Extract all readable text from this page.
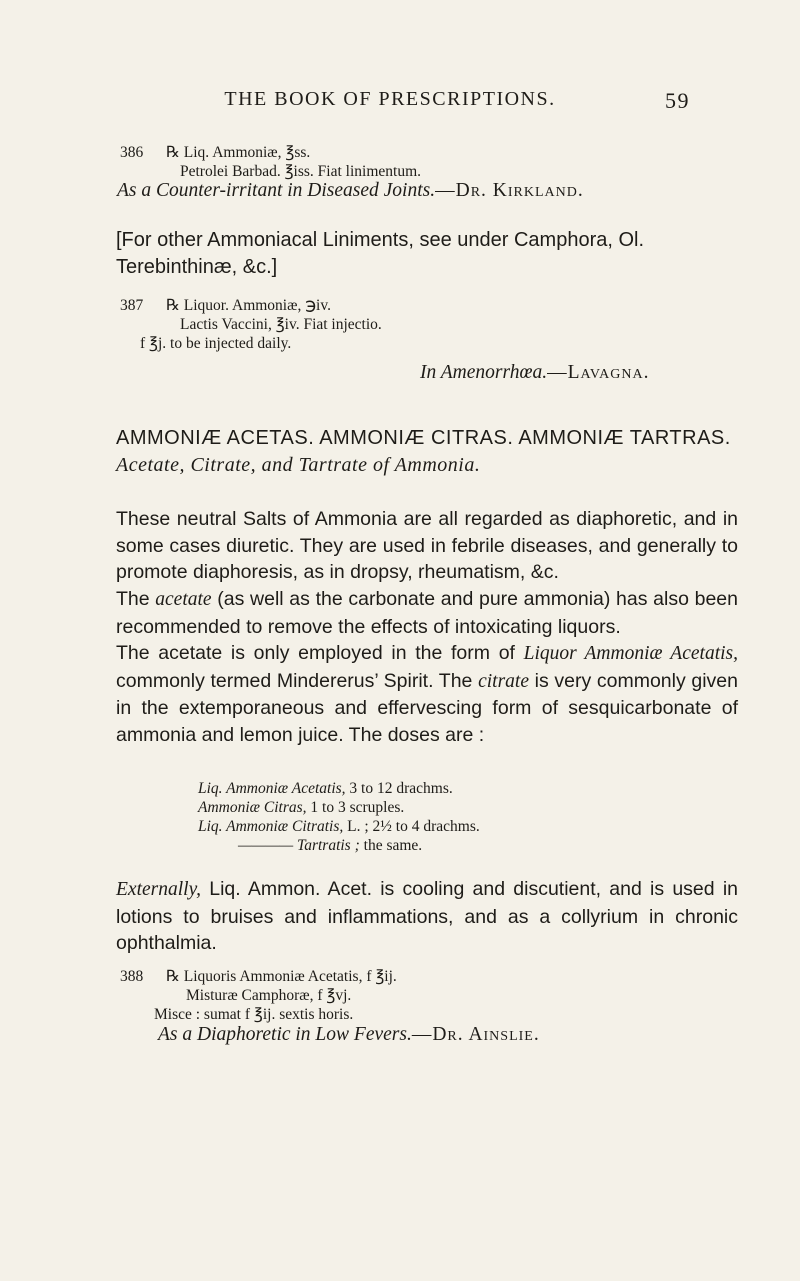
THE BOOK OF PRESCRIPTIONS.	59
386 ℞ Liq. Ammoniæ, ℥ss.
Petrolei Barbad. ℥iss. Fiat linimentum.
As a Counter-irritant in Diseased Joints.—Dr. Kirkland.
[For other Ammoniacal Liniments, see under Camphora, Ol. Terebinthinæ, &c.]
387 ℞ Liquor. Ammoniæ, ℈iv.
Lactis Vaccini, ℥iv. Fiat injectio.
f ℥j. to be injected daily.
In Amenorrhœa.—Lavagna.
AMMONIÆ ACETAS. AMMONIÆ CITRAS. AMMONIÆ TARTRAS. Acetate, Citrate, and Tartrate of Ammonia.
These neutral Salts of Ammonia are all regarded as diaphoretic, and in some cases diuretic. They are used in febrile diseases, and generally to promote diaphoresis, as in dropsy, rheumatism, &c.
The acetate (as well as the carbonate and pure ammonia) has also been recommended to remove the effects of intoxicating liquors.
The acetate is only employed in the form of Liquor Ammoniæ Acetatis, commonly termed Mindererus’ Spirit. The citrate is very commonly given in the extemporaneous and effervescing form of sesquicarbonate of ammonia and lemon juice. The doses are :
Liq. Ammoniæ Acetatis, 3 to 12 drachms.
Ammoniæ Citras, 1 to 3 scruples.
Liq. Ammoniæ Citratis, L. ; 2½ to 4 drachms.
———— Tartratis ; the same.
Externally, Liq. Ammon. Acet. is cooling and discutient, and is used in lotions to bruises and inflammations, and as a collyrium in chronic ophthalmia.
388 ℞ Liquoris Ammoniæ Acetatis, f ℥ij.
Misturæ Camphoræ, f ℥vj.
Misce : sumat f ℥ij. sextis horis.
As a Diaphoretic in Low Fevers.—Dr. Ainslie.
